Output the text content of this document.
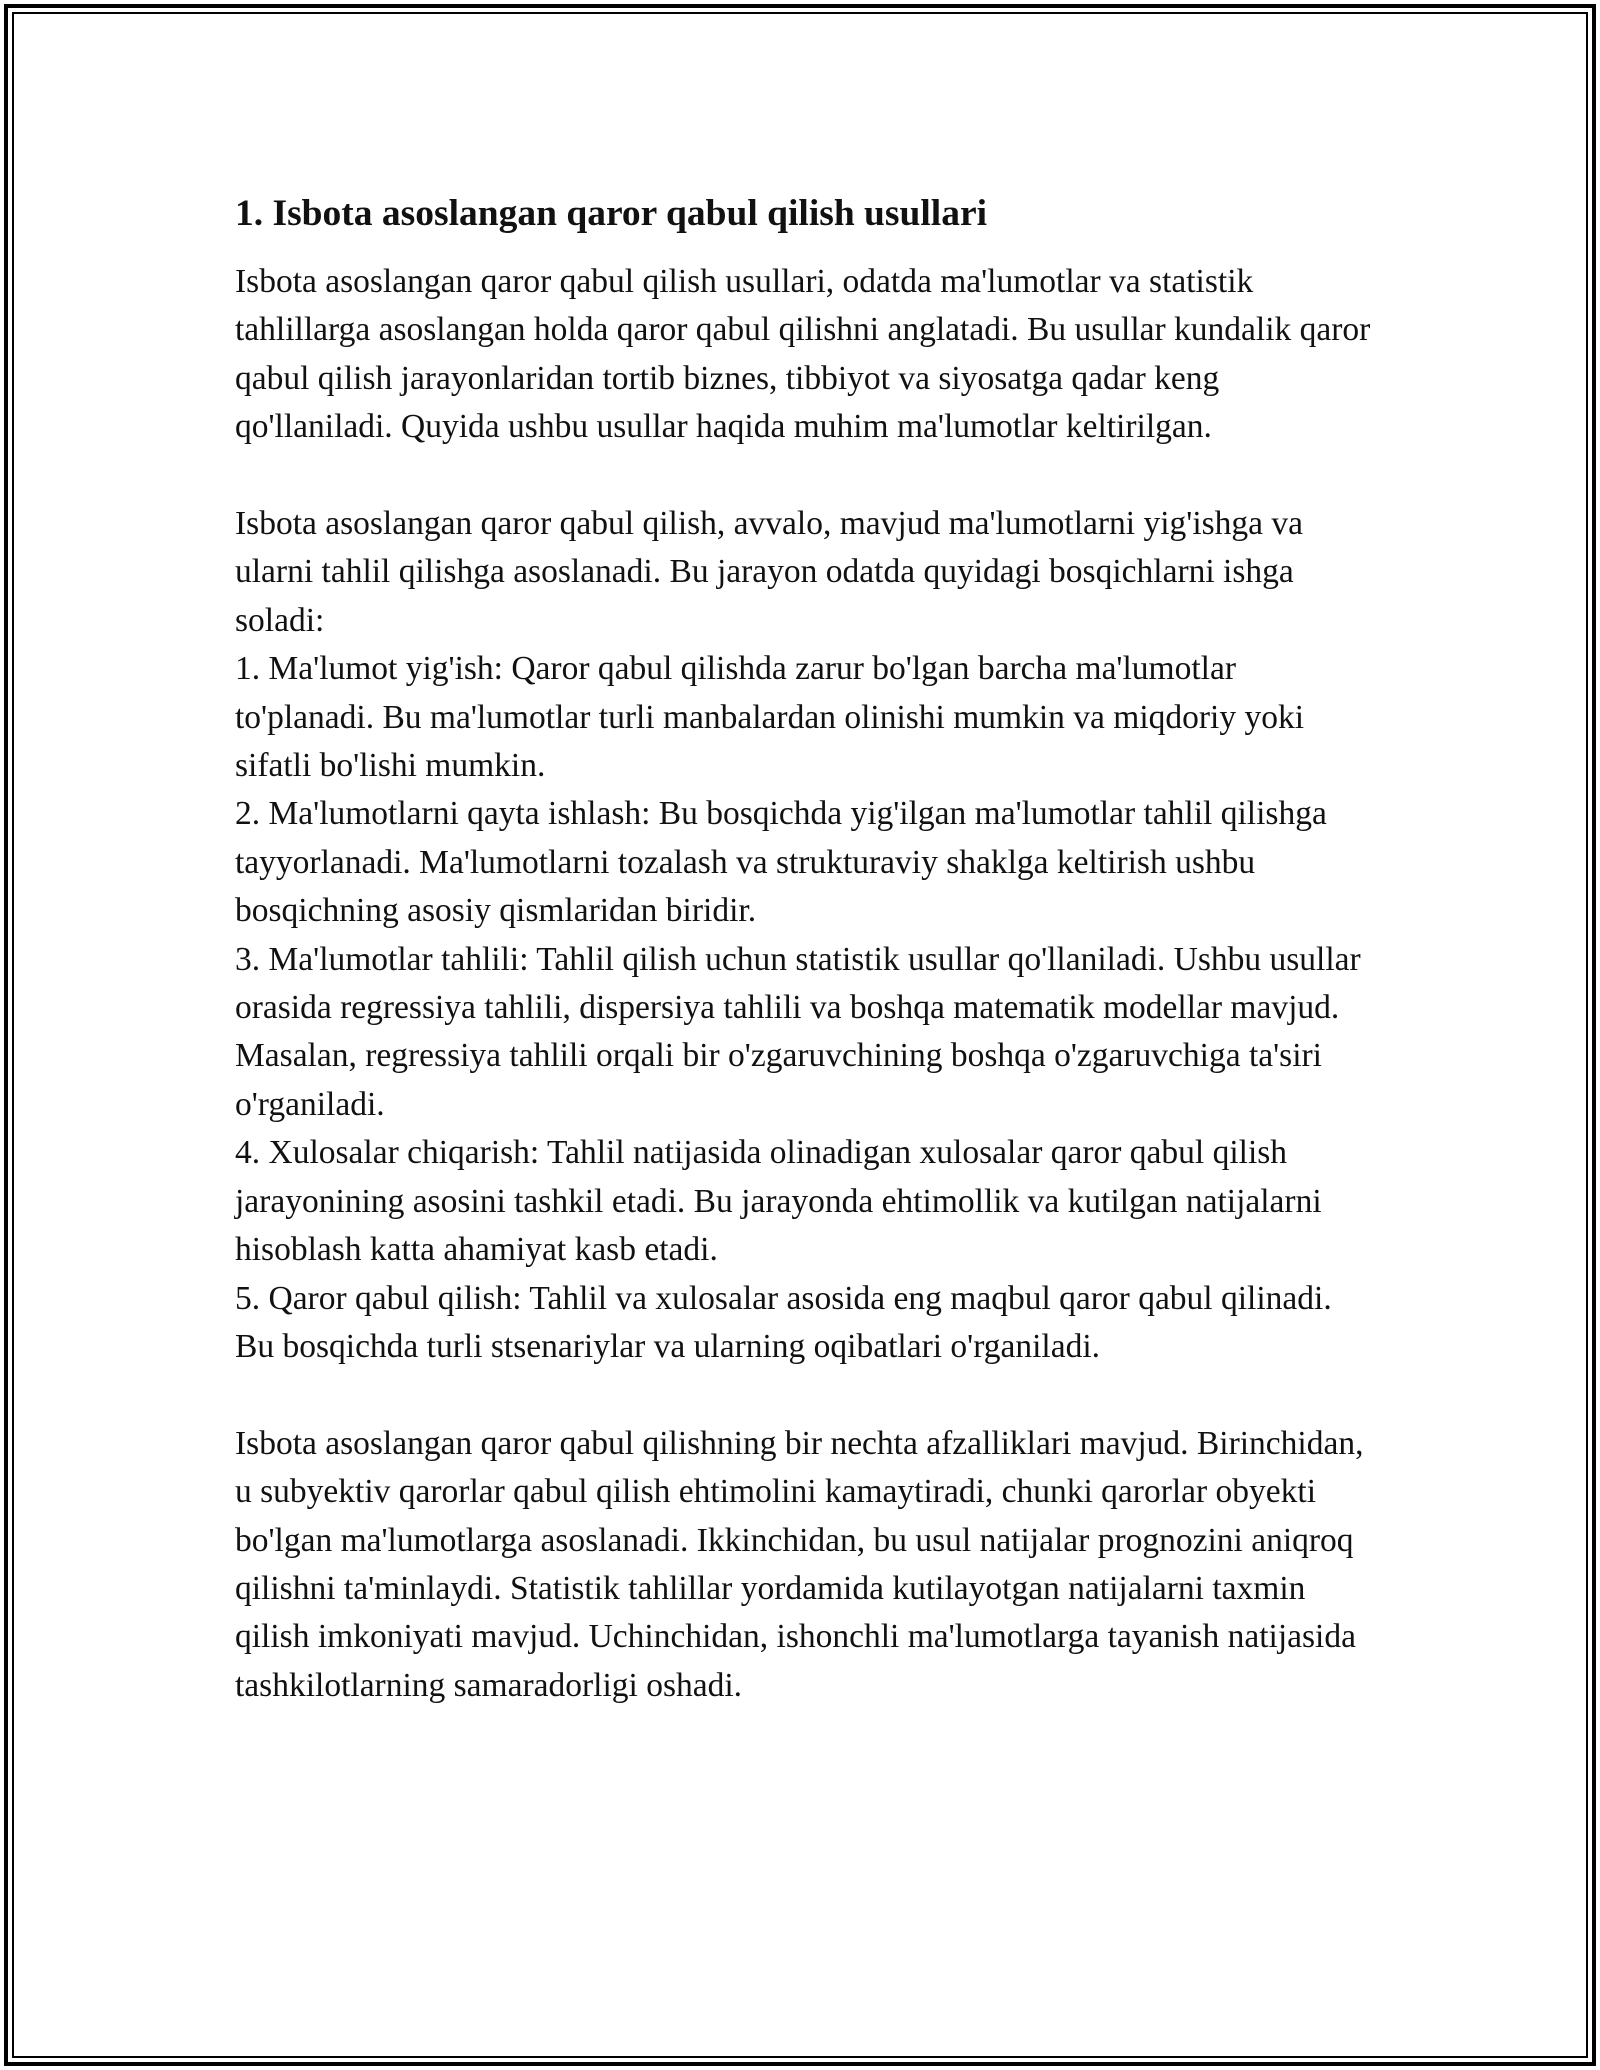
1. Isbota asoslangan qaror qabul qilish usullari

Isbota asoslangan qaror qabul qilish usullari, odatda ma'lumotlar va statistik tahlillarga asoslangan holda qaror qabul qilishni anglatadi. Bu usullar kundalik qaror qabul qilish jarayonlaridan tortib biznes, tibbiyot va siyosatga qadar keng qo'llaniladi. Quyida ushbu usullar haqida muhim ma'lumotlar keltirilgan.

Isbota asoslangan qaror qabul qilish, avvalo, mavjud ma'lumotlarni yig'ishga va ularni tahlil qilishga asoslanadi. Bu jarayon odatda quyidagi bosqichlarni ishga soladi:
1. Ma'lumot yig'ish: Qaror qabul qilishda zarur bo'lgan barcha ma'lumotlar to'planadi. Bu ma'lumotlar turli manbalardan olinishi mumkin va miqdoriy yoki sifatli bo'lishi mumkin.
2. Ma'lumotlarni qayta ishlash: Bu bosqichda yig'ilgan ma'lumotlar tahlil qilishga tayyorlanadi. Ma'lumotlarni tozalash va strukturaviy shaklga keltirish ushbu bosqichning asosiy qismlaridan biridir.
3. Ma'lumotlar tahlili: Tahlil qilish uchun statistik usullar qo'llaniladi. Ushbu usullar orasida regressiya tahlili, dispersiya tahlili va boshqa matematik modellar mavjud. Masalan, regressiya tahlili orqali bir o'zgaruvchining boshqa o'zgaruvchiga ta'siri o'rganiladi.
4. Xulosalar chiqarish: Tahlil natijasida olinadigan xulosalar qaror qabul qilish jarayonining asosini tashkil etadi. Bu jarayonda ehtimollik va kutilgan natijalarni hisoblash katta ahamiyat kasb etadi.
5. Qaror qabul qilish: Tahlil va xulosalar asosida eng maqbul qaror qabul qilinadi. Bu bosqichda turli stsenariylar va ularning oqibatlari o'rganiladi.

Isbota asoslangan qaror qabul qilishning bir nechta afzalliklari mavjud. Birinchidan, u subyektiv qarorlar qabul qilish ehtimolini kamaytiradi, chunki qarorlar obyekti bo'lgan ma'lumotlarga asoslanadi. Ikkinchidan, bu usul natijalar prognozini aniqroq qilishni ta'minlaydi. Statistik tahlillar yordamida kutilayotgan natijalarni taxmin qilish imkoniyati mavjud. Uchinchidan, ishonchli ma'lumotlarga tayanish natijasida tashkilotlarning samaradorligi oshadi.
